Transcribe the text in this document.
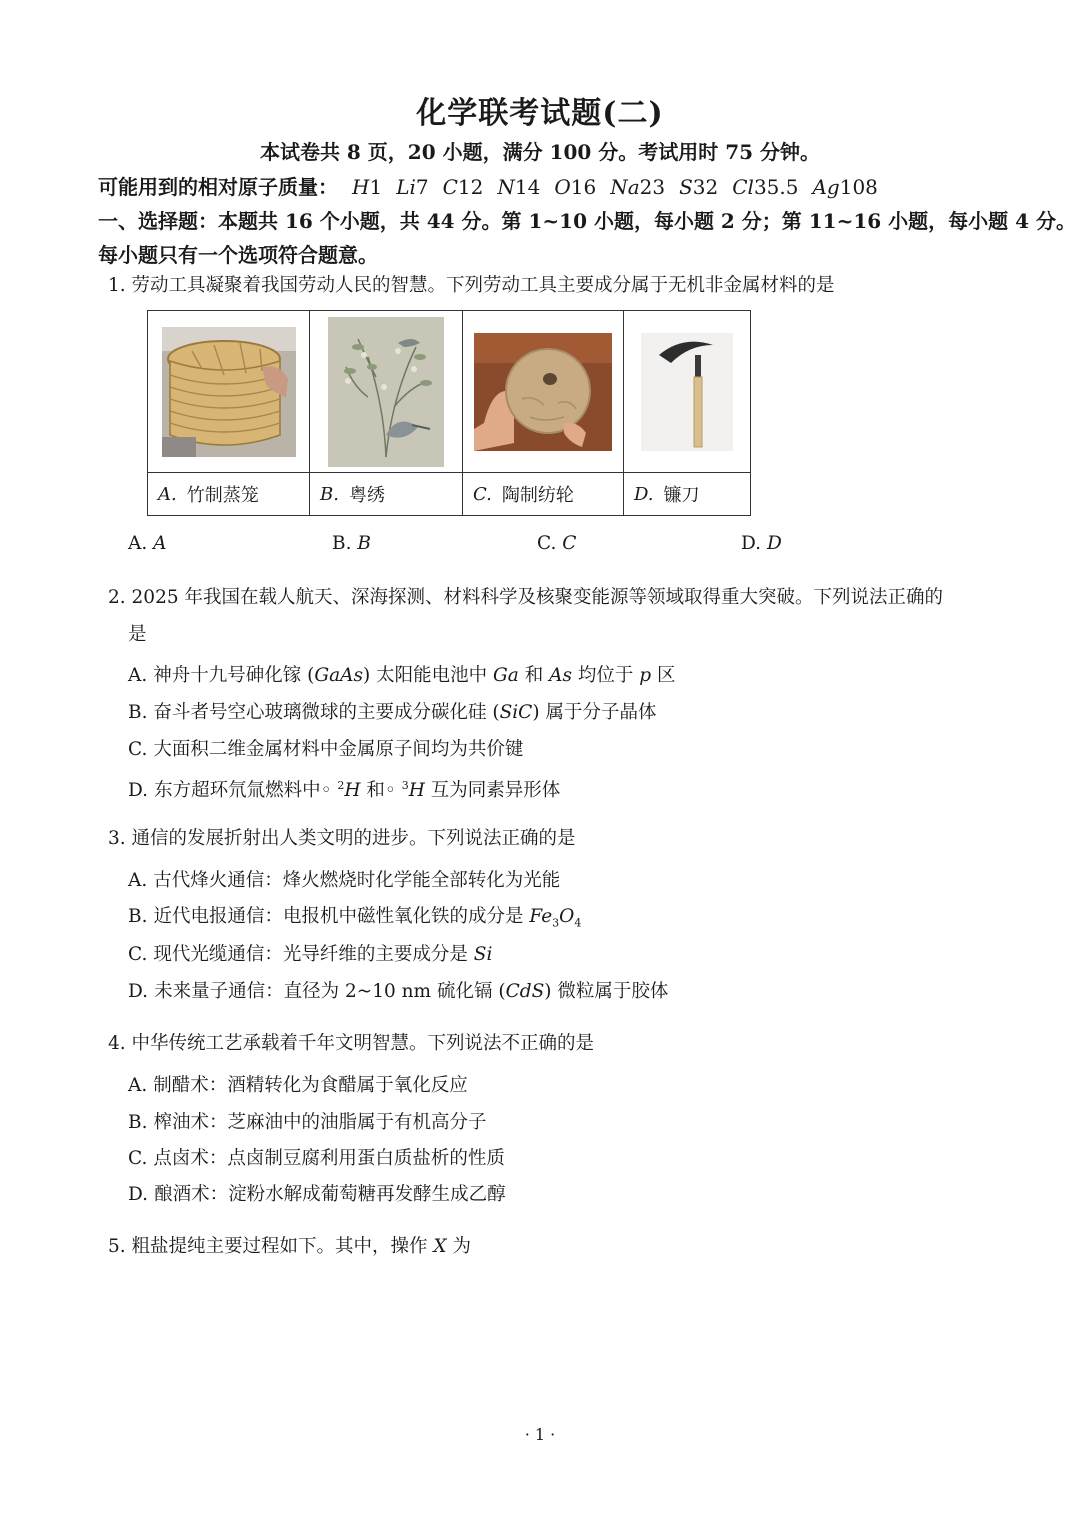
化学联考试题(二)
本试卷共 8 页，20 小题，满分 100 分。考试用时 75 分钟。
可能用到的相对原子质量： H1 Li7 C12 N14 O16 Na23 S32 Cl35.5 Ag108
一、选择题：本题共 16 个小题，共 44 分。第 1~10 小题，每小题 2 分；第 11~16 小题，每小题 4 分。
每小题只有一个选项符合题意。
1. 劳动工具凝聚着我国劳动人民的智慧。下列劳动工具主要成分属于无机非金属材料的是
A. 竹制蒸笼	B. 粤绣	C. 陶制纺轮	D. 镰刀
A. A	B. B	C. C	D. D
2. 2025 年我国在载人航天、深海探测、材料科学及核聚变能源等领域取得重大突破。下列说法正确的
是
A. 神舟十九号砷化镓 (GaAs) 太阳能电池中 Ga 和 As 均位于 p 区
B. 奋斗者号空心玻璃微球的主要成分碳化硅 (SiC) 属于分子晶体
C. 大面积二维金属材料中金属原子间均为共价键
D. 东方超环氘氚燃料中◦ $^2$H 和◦ $^3$H 互为同素异形体
3. 通信的发展折射出人类文明的进步。下列说法正确的是
A. 古代烽火通信：烽火燃烧时化学能全部转化为光能
B. 近代电报通信：电报机中磁性氧化铁的成分是 $Fe_3O_4$
C. 现代光缆通信：光导纤维的主要成分是 Si
D. 未来量子通信：直径为 2~10 nm 硫化镉 (CdS) 微粒属于胶体
4. 中华传统工艺承载着千年文明智慧。下列说法不正确的是
A. 制醋术：酒精转化为食醋属于氧化反应
B. 榨油术：芝麻油中的油脂属于有机高分子
C. 点卤术：点卤制豆腐利用蛋白质盐析的性质
D. 酿酒术：淀粉水解成葡萄糖再发酵生成乙醇
5. 粗盐提纯主要过程如下。其中，操作 X 为
· 1 ·
